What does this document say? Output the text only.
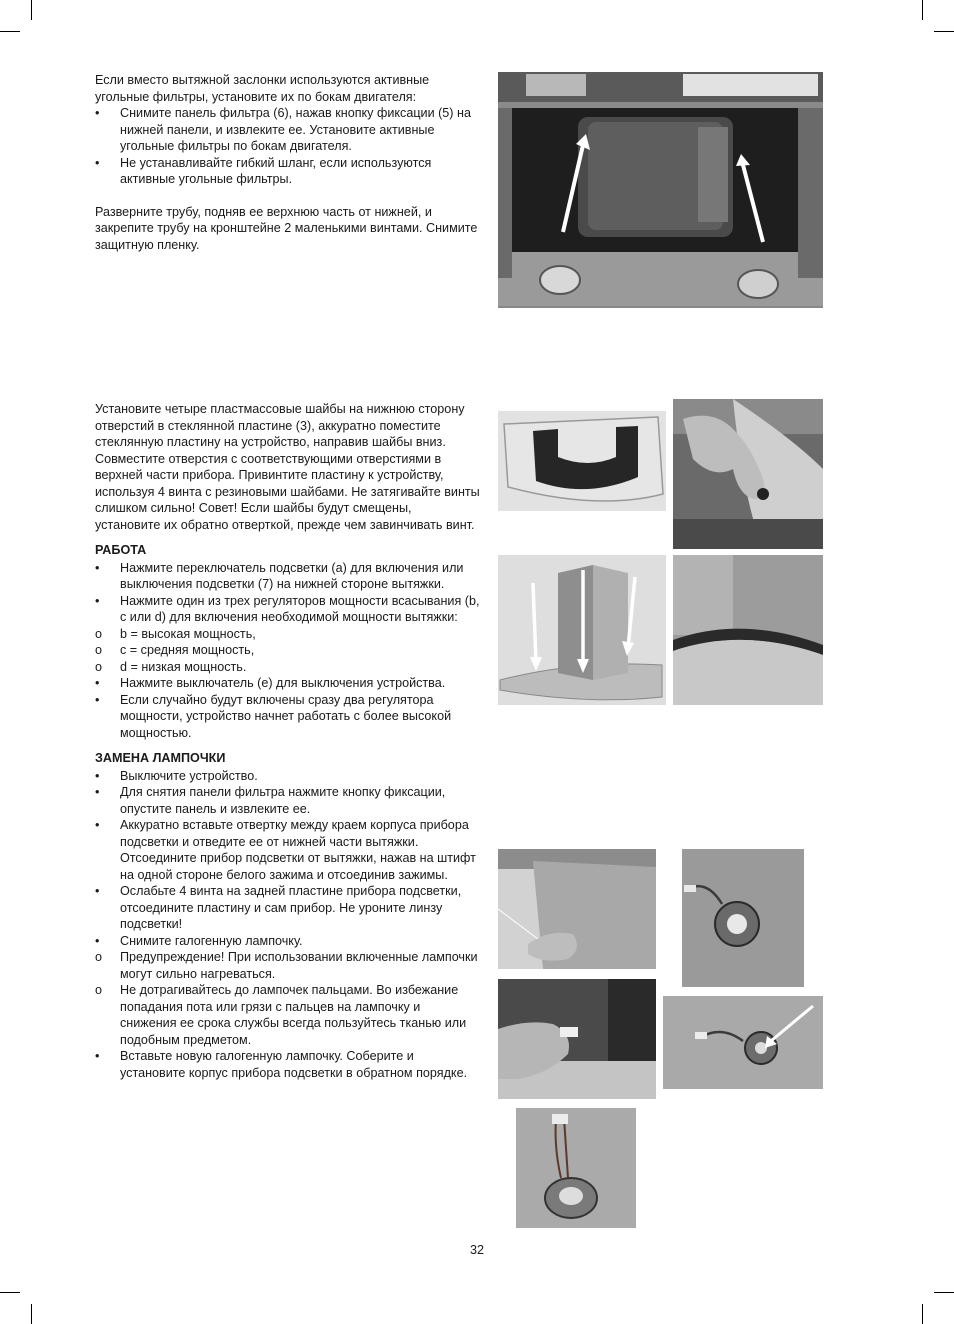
Если вместо вытяжной заслонки используются активные угольные фильтры, установите их по бокам двигателя:

•	Снимите панель фильтра (6), нажав кнопку фиксации (5) на нижней панели, и извлеките ее. Установите активные угольные фильтры по бокам двигателя.
•	Не устанавливайте гибкий шланг, если используются активные угольные фильтры.

Разверните трубу, подняв ее верхнюю часть от нижней, и закрепите трубу на кронштейне 2 маленькими винтами. Снимите защитную пленку.

Установите четыре пластмассовые шайбы на нижнюю сторону отверстий в стеклянной пластине (3), аккуратно поместите стеклянную пластину на устройство, направив шайбы вниз. Совместите отверстия с соответствующими отверстиями в верхней части прибора. Привинтите пластину к устройству, используя 4 винта с резиновыми шайбами. Не затягивайте винты слишком сильно! Совет! Если шайбы будут смещены, установите их обратно отверткой, прежде чем завинчивать винт.

РАБОТА

•	Нажмите переключатель подсветки (a) для включения или выключения подсветки (7) на нижней стороне вытяжки.
•	Нажмите один из трех регуляторов мощности всасывания (b, c или d) для включения необходимой мощности вытяжки:
o	b = высокая мощность,
o	c = средняя мощность,
o	d = низкая мощность.
•	Нажмите выключатель (e) для выключения устройства.
•	Если случайно будут включены сразу два регулятора мощности, устройство начнет работать с более высокой мощностью.

ЗАМЕНА ЛАМПОЧКИ

•	Выключите устройство.
•	Для снятия панели фильтра нажмите кнопку фиксации, опустите панель и извлеките ее.
•	Аккуратно вставьте отвертку между краем корпуса прибора подсветки и отведите ее от нижней части вытяжки. Отсоедините прибор подсветки от вытяжки, нажав на штифт на одной стороне белого зажима и отсоединив зажимы.
•	Ослабьте 4 винта на задней пластине прибора подсветки, отсоедините пластину и сам прибор. Не уроните линзу подсветки!
•	Снимите галогенную лампочку.
o	Предупреждение! При использовании включенные лампочки могут сильно нагреваться.
o	Не дотрагивайтесь до лампочек пальцами. Во избежание попадания пота или грязи с пальцев на лампочку и снижения ее срока службы всегда пользуйтесь тканью или подобным предметом.
•	Вставьте новую галогенную лампочку. Соберите и установите корпус прибора подсветки в обратном порядке.
32
